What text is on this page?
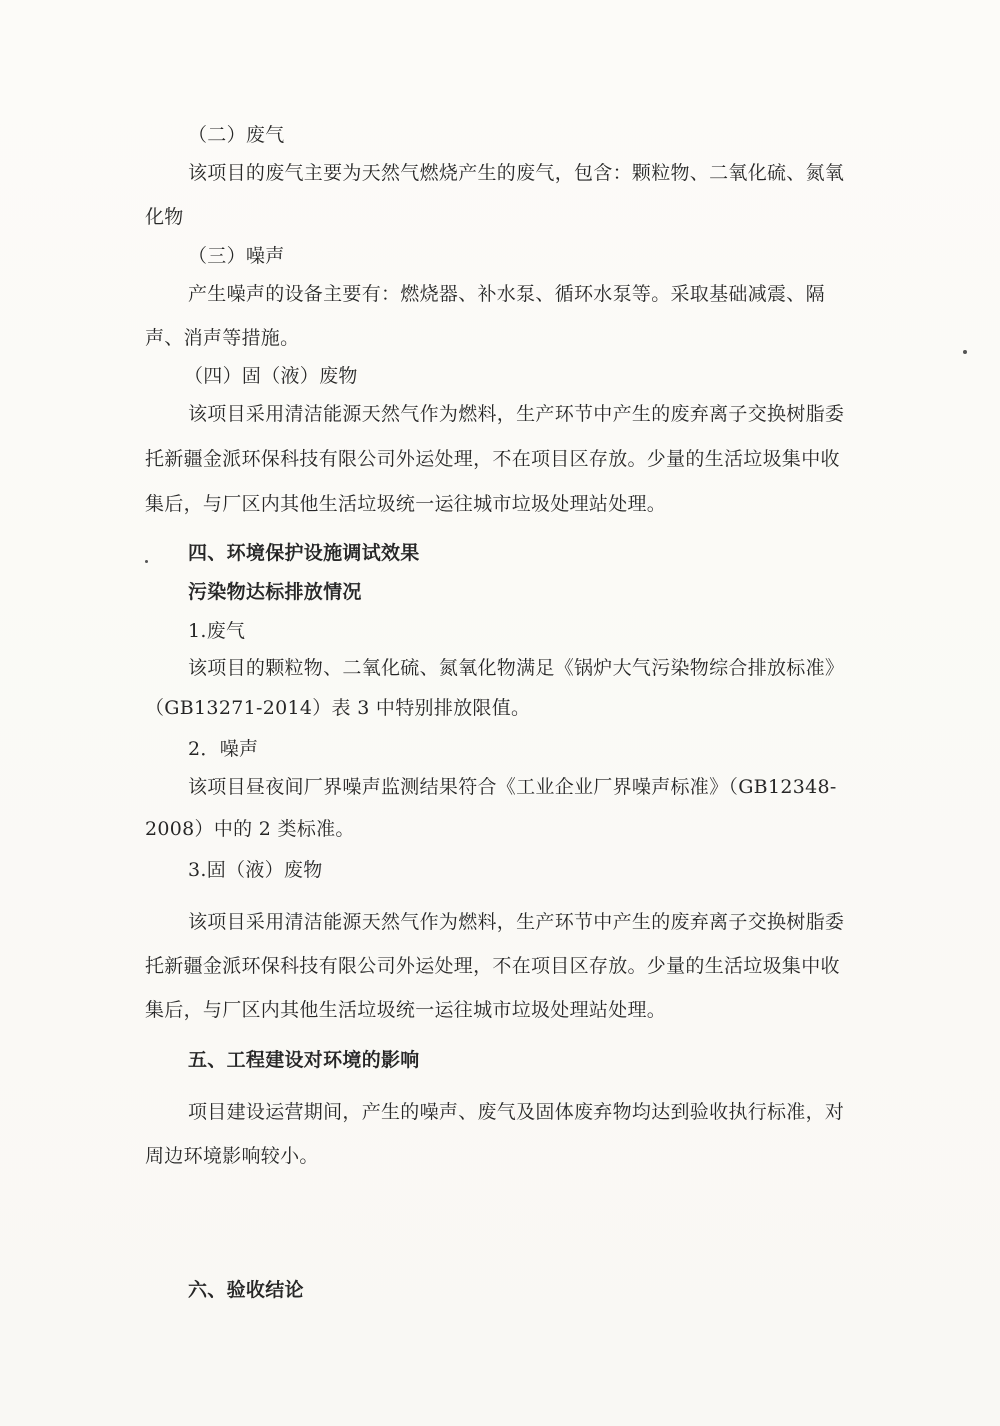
（二）废气
该项目的废气主要为天然气燃烧产生的废气，包含：颗粒物、二氧化硫、氮氧化物
（三）噪声
产生噪声的设备主要有：燃烧器、补水泵、循环水泵等。采取基础减震、隔声、消声等措施。
（四）固（液）废物
该项目采用清洁能源天然气作为燃料，生产环节中产生的废弃离子交换树脂委托新疆金派环保科技有限公司外运处理，不在项目区存放。少量的生活垃圾集中收集后，与厂区内其他生活垃圾统一运往城市垃圾处理站处理。
四、环境保护设施调试效果
污染物达标排放情况
1.废气
该项目的颗粒物、二氧化硫、氮氧化物满足《锅炉大气污染物综合排放标准》（GB13271-2014）表 3 中特别排放限值。
2．噪声
该项目昼夜间厂界噪声监测结果符合《工业企业厂界噪声标准》（GB12348-2008）中的 2 类标准。
3.固（液）废物
该项目采用清洁能源天然气作为燃料，生产环节中产生的废弃离子交换树脂委托新疆金派环保科技有限公司外运处理，不在项目区存放。少量的生活垃圾集中收集后，与厂区内其他生活垃圾统一运往城市垃圾处理站处理。
五、工程建设对环境的影响
项目建设运营期间，产生的噪声、废气及固体废弃物均达到验收执行标准，对周边环境影响较小。
六、验收结论
